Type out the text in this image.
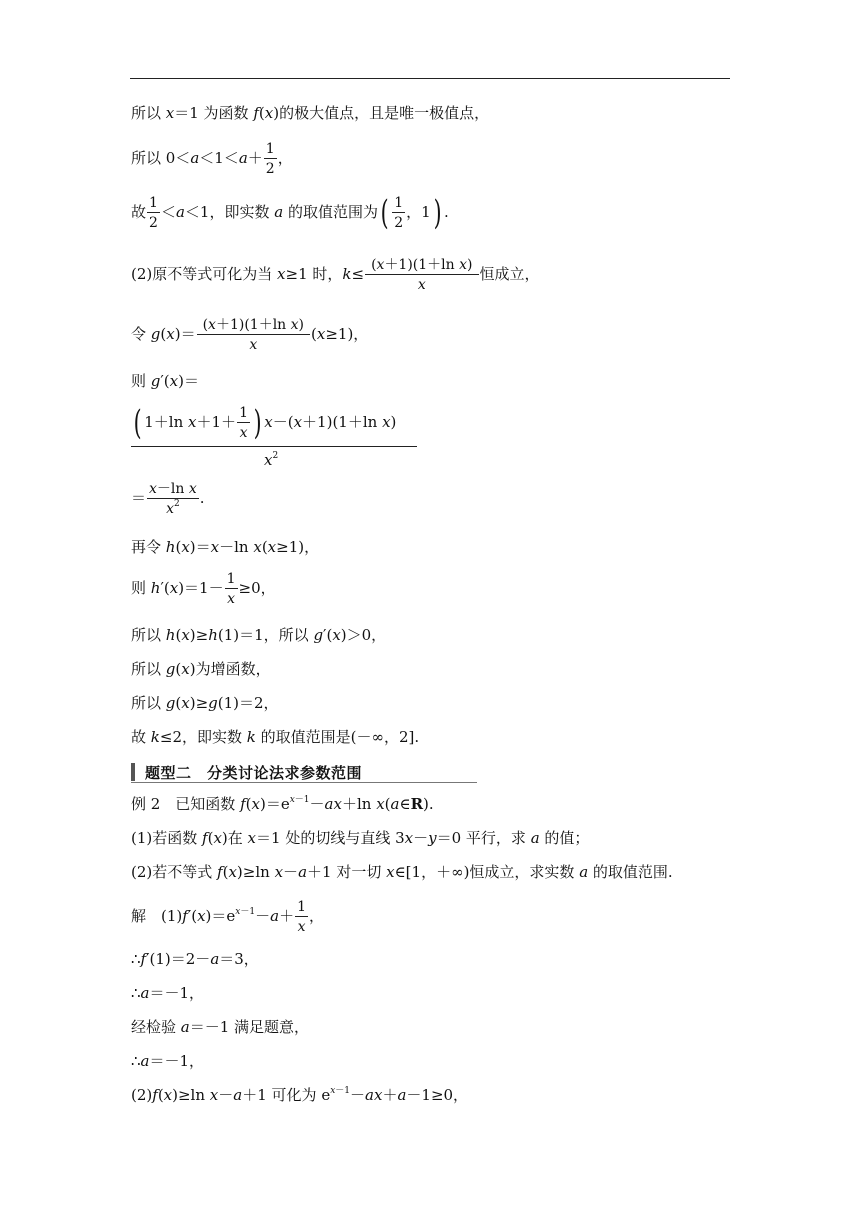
所以 x＝1 为函数 f(x)的极大值点，且是唯一极值点，
所以 $0<a<1<a+ \frac{1}{2}$ ，
故 $\frac{1}{2} <a<1$，即实数 a 的取值范围为( $\frac{1}{2}$ ，1) .
(2)原不等式可化为当 x≥1 时，$k\le \frac{\text{(x＋1)(1＋ln x)}}{x}$ 恒成立，
令 $g(x)= \frac{\text{(x＋1)(1＋ln x)}}{x} (x\ge 1)$，
则 g′(x)＝
( 1＋ln $x+1+ \frac{1}{x}$ ) x－(x＋1)(1＋ln x)
$x^2$
＝ $\frac{\text{x－ln x}}{x^2}$ .
再令 h(x)＝x－ln x(x≥1)，
则 $h'(x)=1- \frac{1}{x} \ge 0$，
所以 h(x)≥h(1)＝1，所以 g′(x)＞0，
所以 g(x)为增函数，
所以 g(x)≥g(1)＝2，
故 k≤2，即实数 k 的取值范围是(－∞，2].
题型二　分类讨论法求参数范围
例 2　已知函数 $f(x)=e^{x-1}-ax+\ln$ x(a∈R).
(1)若函数 f(x)在 x＝1 处的切线与直线 3x－y＝0 平行，求 a 的值；
(2)若不等式 f(x)≥ln x－a＋1 对一切 x∈[1，＋∞)恒成立，求实数 a 的取值范围.
解　$(1)f'(x)=e^{x-1}-a+ \frac{1}{x}$ ，
∴f′(1)＝2－a＝3，
∴a＝－1，
经检验 a＝－1 满足题意，
∴a＝－1，
(2)f(x)≥ln x－a＋1 可化为 $e^{x-1}-ax+a-1\ge 0$，
